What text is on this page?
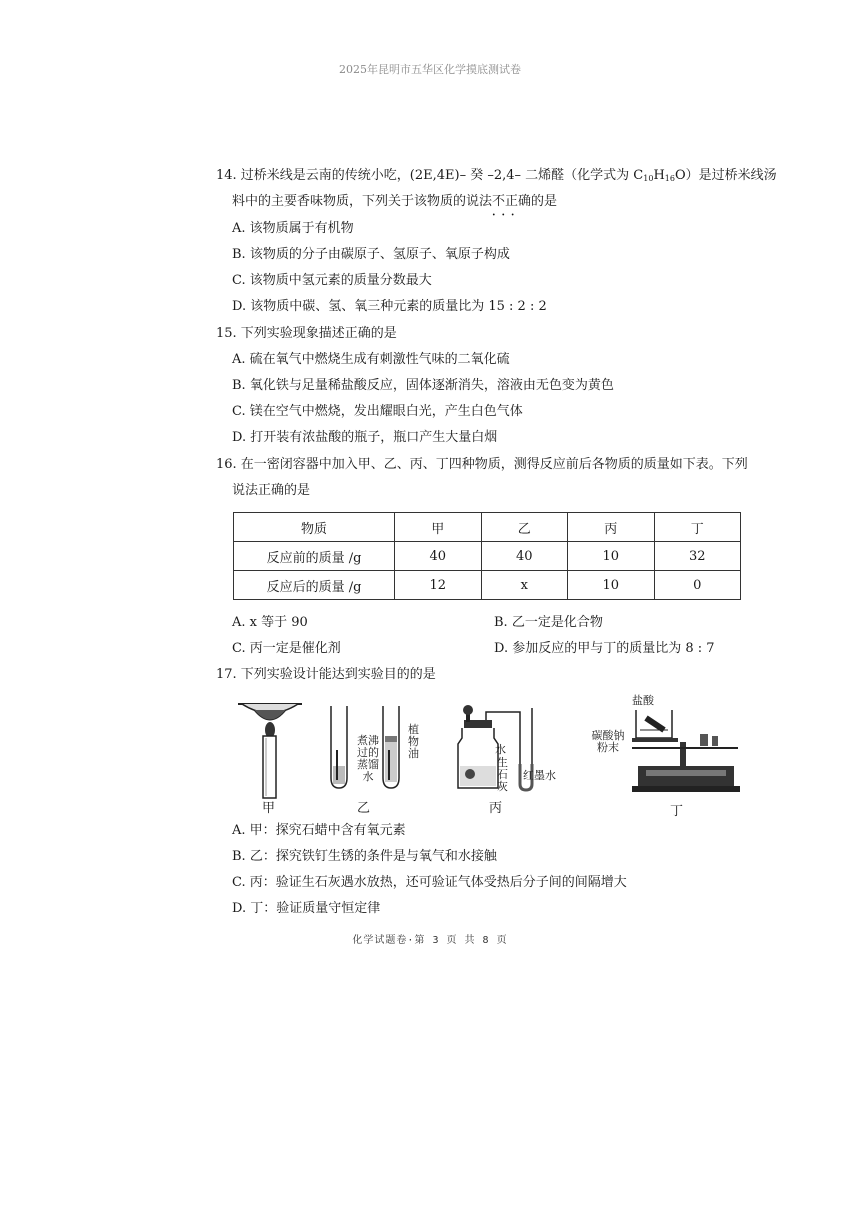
2025年昆明市五华区化学摸底测试卷
14. 过桥米线是云南的传统小吃，(2E,4E)– 癸 –2,4– 二烯醛（化学式为 $C_{10}H_{16}O$）是过桥米线汤
料中的主要香味物质，下列关于该物质的说法不正确 • • •的是
A. 该物质属于有机物
B. 该物质的分子由碳原子、氢原子、氧原子构成
C. 该物质中氢元素的质量分数最大
D. 该物质中碳、氢、氧三种元素的质量比为 15 : 2 : 2
15. 下列实验现象描述正确的是
A. 硫在氧气中燃烧生成有刺激性气味的二氧化硫
B. 氧化铁与足量稀盐酸反应，固体逐渐消失，溶液由无色变为黄色
C. 镁在空气中燃烧，发出耀眼白光，产生白色气体
D. 打开装有浓盐酸的瓶子，瓶口产生大量白烟
16. 在一密闭容器中加入甲、乙、丙、丁四种物质，测得反应前后各物质的质量如下表。下列
说法正确的是
物质	甲	乙	丙	丁
反应前的质量 /g	40	40	10	32
反应后的质量 /g	12	x	10	0
A. x 等于 90	B. 乙一定是化合物
C. 丙一定是催化剂	D. 参加反应的甲与丁的质量比为 8 : 7
17. 下列实验设计能达到实验目的的是
甲
煮沸过的蒸馏水
植物油
乙
水
生石灰
红墨水
丙
盐酸
碳酸钠粉末
丁
A. 甲：探究石蜡中含有氧元素
B. 乙：探究铁钉生锈的条件是与氧气和水接触
C. 丙：验证生石灰遇水放热，还可验证气体受热后分子间的间隔增大
D. 丁：验证质量守恒定律
化学试题卷·第 3 页 共 8 页
